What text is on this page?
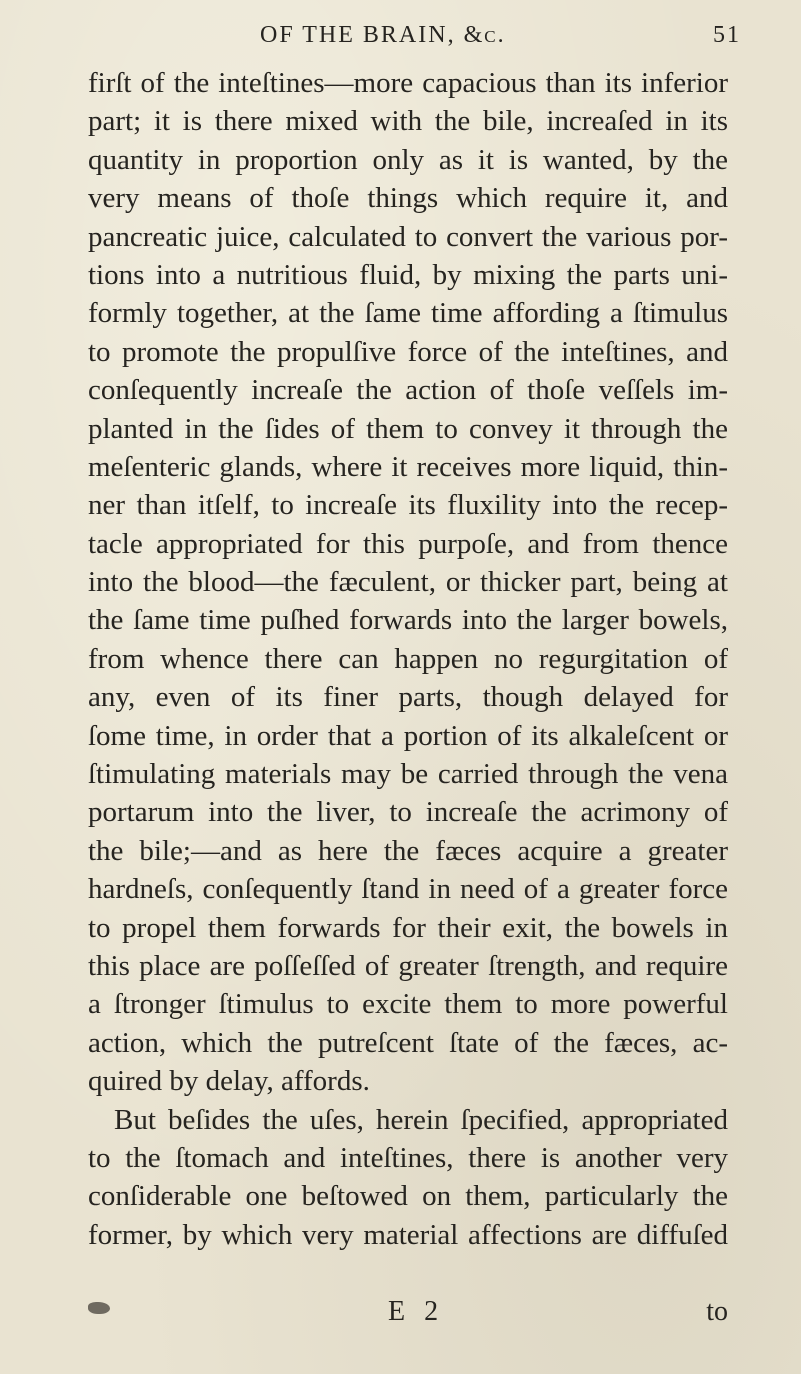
OF THE BRAIN, &c.	51
firſt of the inteſtines—more capacious than its inferior
part; it is there mixed with the bile, increaſed in its
quantity in proportion only as it is wanted, by the
very means of thoſe things which require it, and
pancreatic juice, calculated to convert the various por-
tions into a nutritious fluid, by mixing the parts uni-
formly together, at the ſame time affording a ſtimulus
to promote the propulſive force of the inteſtines, and
conſequently increaſe the action of thoſe veſſels im-
planted in the ſides of them to convey it through the
meſenteric glands, where it receives more liquid, thin-
ner than itſelf, to increaſe its fluxility into the recep-
tacle appropriated for this purpoſe, and from thence
into the blood—the fæculent, or thicker part, being at
the ſame time puſhed forwards into the larger bowels,
from whence there can happen no regurgitation of
any, even of its finer parts, though delayed for
ſome time, in order that a portion of its alkaleſcent or
ſtimulating materials may be carried through the vena
portarum into the liver, to increaſe the acrimony of
the bile;—and as here the fæces acquire a greater
hardneſs, conſequently ſtand in need of a greater force
to propel them forwards for their exit, the bowels in
this place are poſſeſſed of greater ſtrength, and require
a ſtronger ſtimulus to excite them to more powerful
action, which the putreſcent ſtate of the fæces, ac-
quired by delay, affords.
But beſides the uſes, herein ſpecified, appropriated
to the ſtomach and inteſtines, there is another very
conſiderable one beſtowed on them, particularly the
former, by which very material affections are diffuſed
E 2	to
